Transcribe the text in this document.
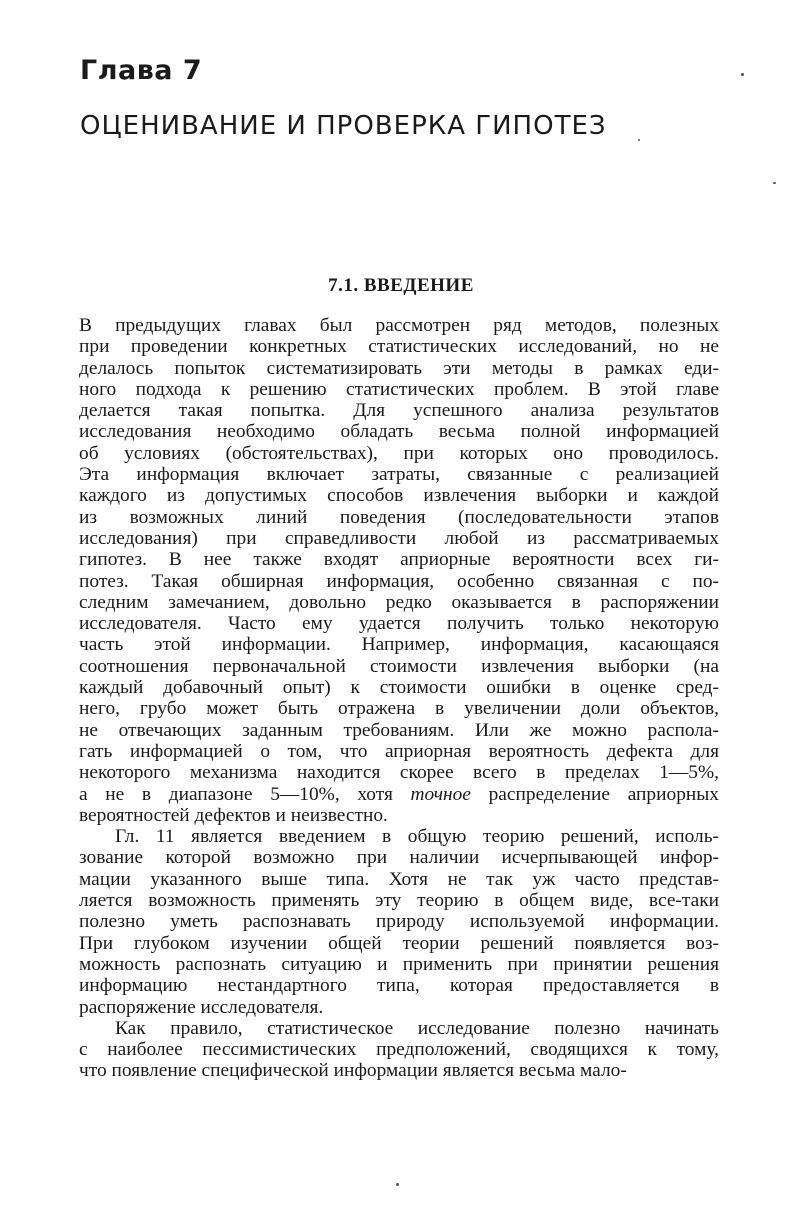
Глава 7
ОЦЕНИВАНИЕ И ПРОВЕРКА ГИПОТЕЗ
7.1. ВВЕДЕНИЕ
В предыдущих главах был рассмотрен ряд методов, полезных
при проведении конкретных статистических исследований, но не
делалось попыток систематизировать эти методы в рамках еди-
ного подхода к решению статистических проблем. В этой главе
делается такая попытка. Для успешного анализа результатов
исследования необходимо обладать весьма полной информацией
об условиях (обстоятельствах), при которых оно проводилось.
Эта информация включает затраты, связанные с реализацией
каждого из допустимых способов извлечения выборки и каждой
из возможных линий поведения (последовательности этапов
исследования) при справедливости любой из рассматриваемых
гипотез. В нее также входят априорные вероятности всех ги-
потез. Такая обширная информация, особенно связанная с по-
следним замечанием, довольно редко оказывается в распоряжении
исследователя. Часто ему удается получить только некоторую
часть этой информации. Например, информация, касающаяся
соотношения первоначальной стоимости извлечения выборки (на
каждый добавочный опыт) к стоимости ошибки в оценке сред-
него, грубо может быть отражена в увеличении доли объектов,
не отвечающих заданным требованиям. Или же можно распола-
гать информацией о том, что априорная вероятность дефекта для
некоторого механизма находится скорее всего в пределах 1—5%,
а не в диапазоне 5—10%, хотя точное распределение априорных
вероятностей дефектов и неизвестно.
Гл. 11 является введением в общую теорию решений, исполь-
зование которой возможно при наличии исчерпывающей инфор-
мации указанного выше типа. Хотя не так уж часто представ-
ляется возможность применять эту теорию в общем виде, все-таки
полезно уметь распознавать природу используемой информации.
При глубоком изучении общей теории решений появляется воз-
можность распознать ситуацию и применить при принятии решения
информацию нестандартного типа, которая предоставляется в
распоряжение исследователя.
Как правило, статистическое исследование полезно начинать
с наиболее пессимистических предположений, сводящихся к тому,
что появление специфической информации является весьма мало-
